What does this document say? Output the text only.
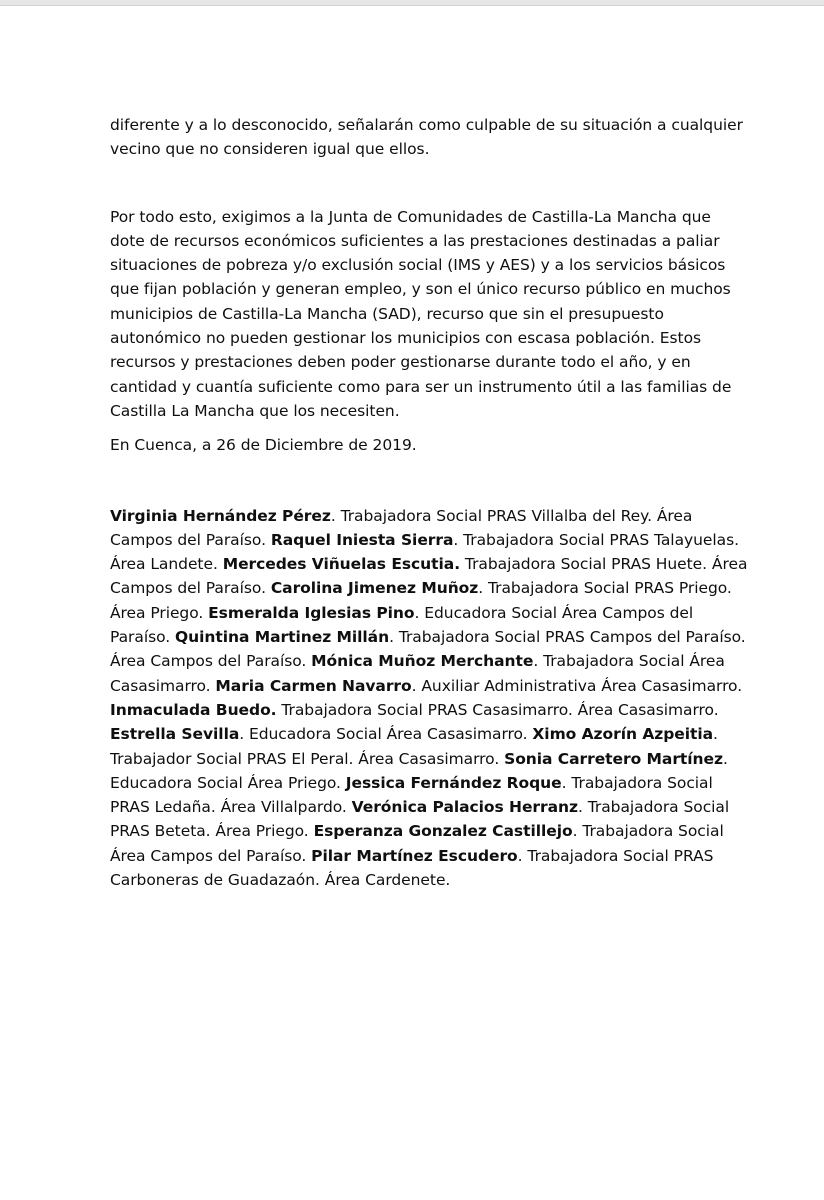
diferente y a lo desconocido, señalarán como culpable de su situación a cualquier vecino que no consideren igual que ellos.

Por todo esto, exigimos a la Junta de Comunidades de Castilla-La Mancha que dote de recursos económicos suficientes a las prestaciones destinadas a paliar situaciones de pobreza y/o exclusión social (IMS y AES) y a los servicios básicos que fijan población y generan empleo, y son el único recurso público en muchos municipios de Castilla-La Mancha (SAD), recurso que sin el presupuesto autonómico no pueden gestionar los municipios con escasa población. Estos recursos y prestaciones deben poder gestionarse durante todo el año, y en cantidad y cuantía suficiente como para ser un instrumento útil a las familias de Castilla La Mancha que los necesiten.

En Cuenca, a 26 de Diciembre de 2019.

Virginia Hernández Pérez. Trabajadora Social PRAS Villalba del Rey. Área Campos del Paraíso. Raquel Iniesta Sierra. Trabajadora Social PRAS Talayuelas. Área Landete. Mercedes Viñuelas Escutia. Trabajadora Social PRAS Huete. Área Campos del Paraíso. Carolina Jimenez Muñoz. Trabajadora Social PRAS Priego. Área Priego. Esmeralda Iglesias Pino. Educadora Social Área Campos del Paraíso. Quintina Martinez Millán. Trabajadora Social PRAS Campos del Paraíso. Área Campos del Paraíso. Mónica Muñoz Merchante. Trabajadora Social Área Casasimarro. Maria Carmen Navarro. Auxiliar Administrativa Área Casasimarro. Inmaculada Buedo. Trabajadora Social PRAS Casasimarro. Área Casasimarro. Estrella Sevilla. Educadora Social Área Casasimarro. Ximo Azorín Azpeitia. Trabajador Social PRAS El Peral. Área Casasimarro. Sonia Carretero Martínez. Educadora Social Área Priego. Jessica Fernández Roque. Trabajadora Social PRAS Ledaña. Área Villalpardo. Verónica Palacios Herranz. Trabajadora Social PRAS Beteta. Área Priego. Esperanza Gonzalez Castillejo. Trabajadora Social Área Campos del Paraíso. Pilar Martínez Escudero. Trabajadora Social PRAS Carboneras de Guadazaón. Área Cardenete.
